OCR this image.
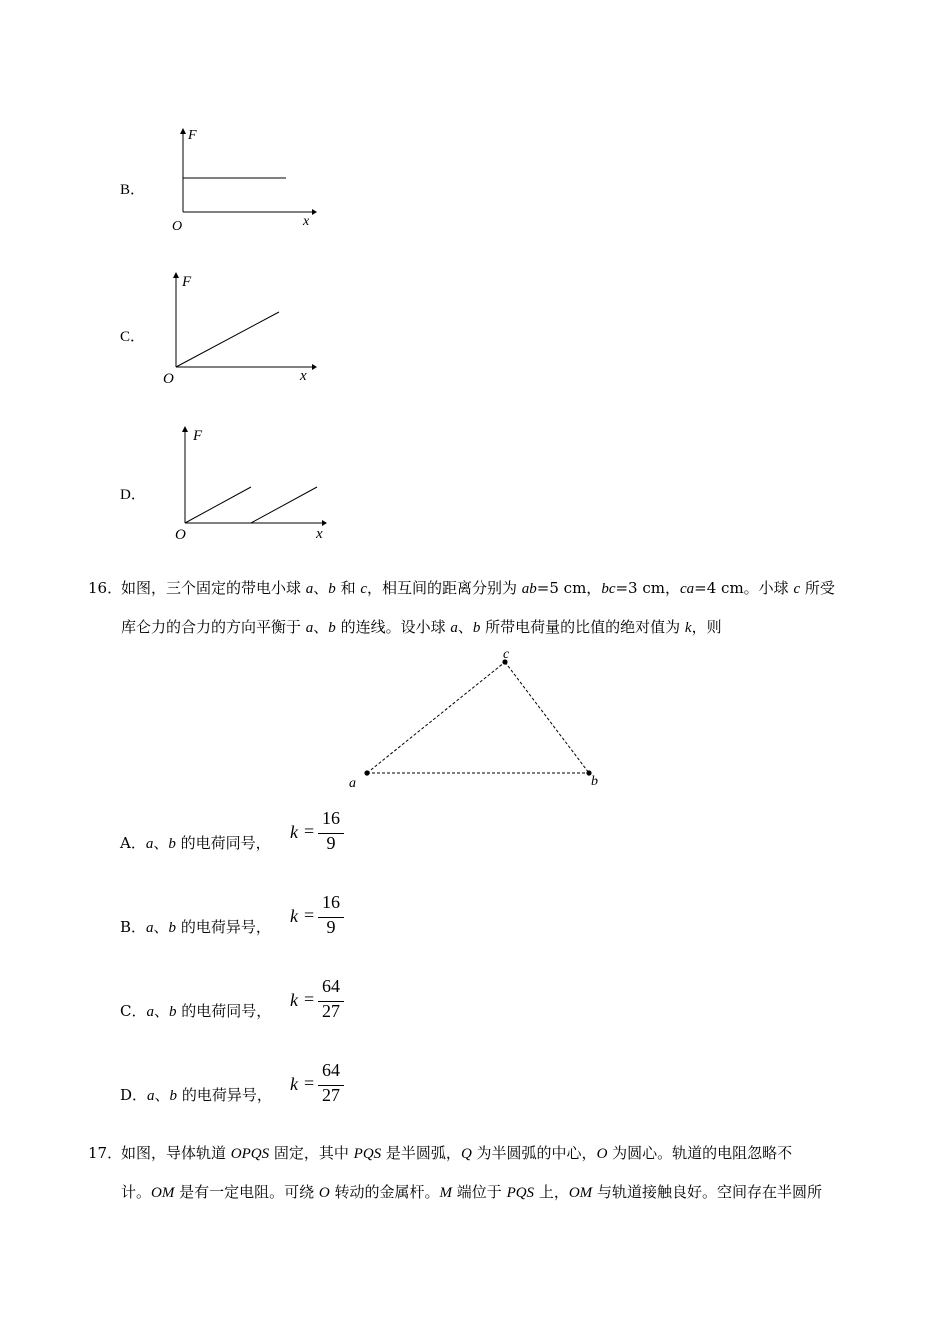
B．
F
x
O
C．
F
x
O
D．
F
x
O
16．
如图，三个固定的带电小球 a、b 和 c，相互间的距离分别为 ab=5 cm，bc=3 cm，ca=4 cm。小球 c 所受
库仑力的合力的方向平衡于 a、b 的连线。设小球 a、b 所带电荷量的比值的绝对值为 k，则
a	b
c
A．a、b 的电荷同号，
k =
16
9
B．a、b 的电荷异号，
k =
16
9
C．a、b 的电荷同号，
k =
64
27
D．a、b 的电荷异号，
k =
64
27
17．
如图，导体轨道 OPQS 固定，其中 PQS 是半圆弧，Q 为半圆弧的中心，O 为圆心。轨道的电阻忽略不
计。OM 是有一定电阻。可绕 O 转动的金属杆。M 端位于 PQS 上，OM 与轨道接触良好。空间存在半圆所
